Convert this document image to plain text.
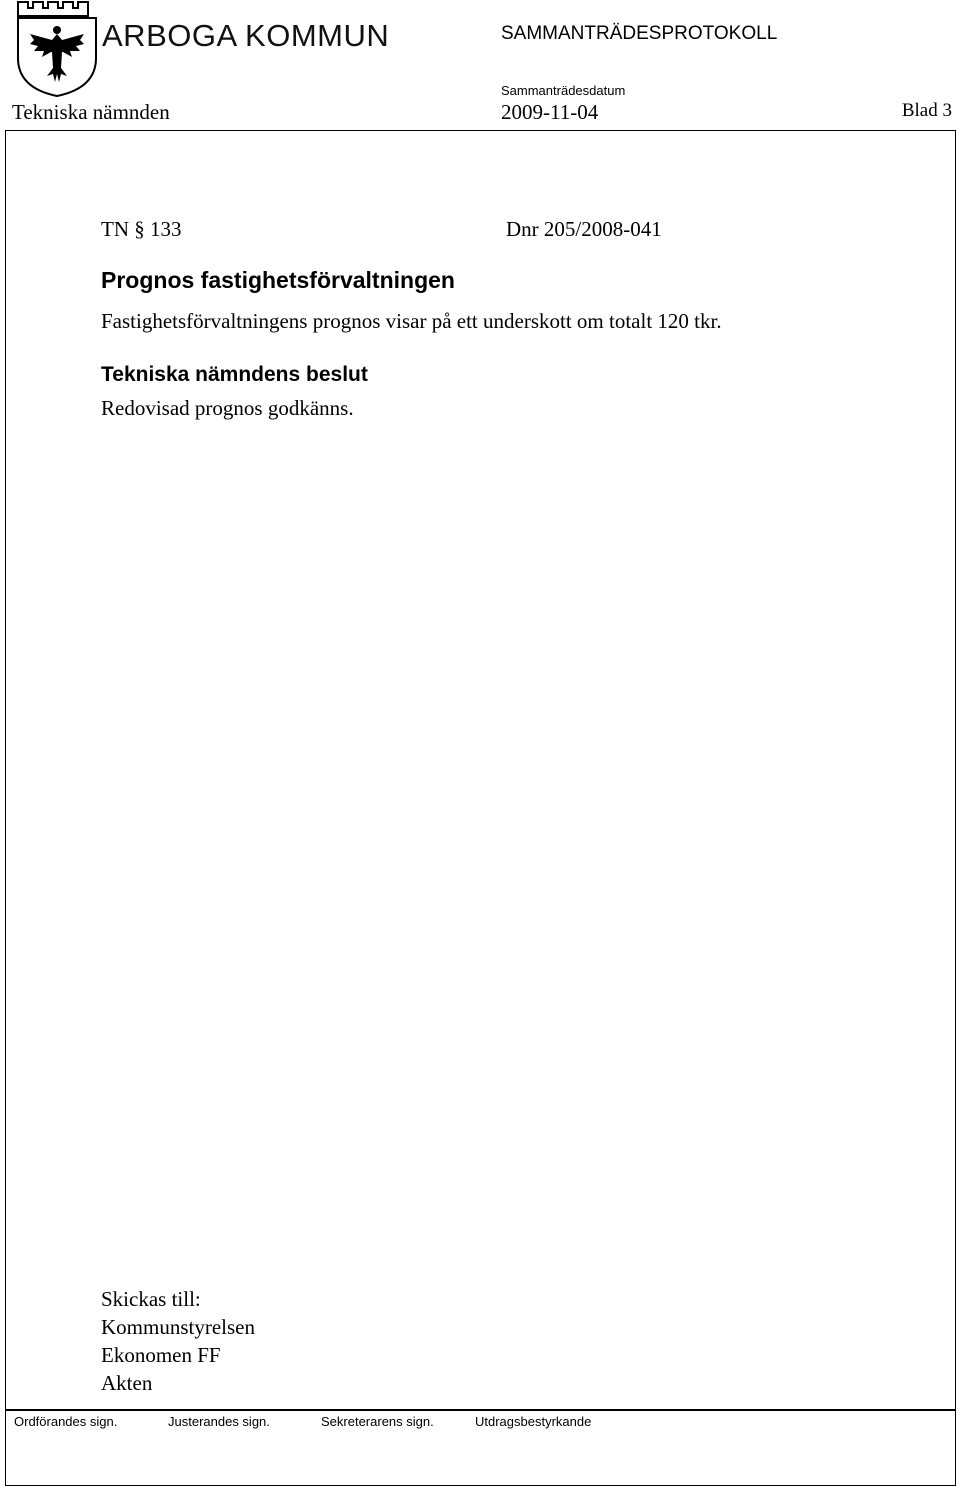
ARBOGA KOMMUN	SAMMANTRÄDESPROTOKOLL
Sammanträdesdatum
Tekniska nämnden	2009-11-04	Blad 3
TN § 133	Dnr 205/2008-041
Prognos fastighetsförvaltningen
Fastighetsförvaltningens prognos visar på ett underskott om totalt 120 tkr.
Tekniska nämndens beslut
Redovisad prognos godkänns.
Skickas till:
Kommunstyrelsen
Ekonomen FF
Akten
Ordförandes sign.	Justerandes sign.	Sekreterarens sign.	Utdragsbestyrkande
